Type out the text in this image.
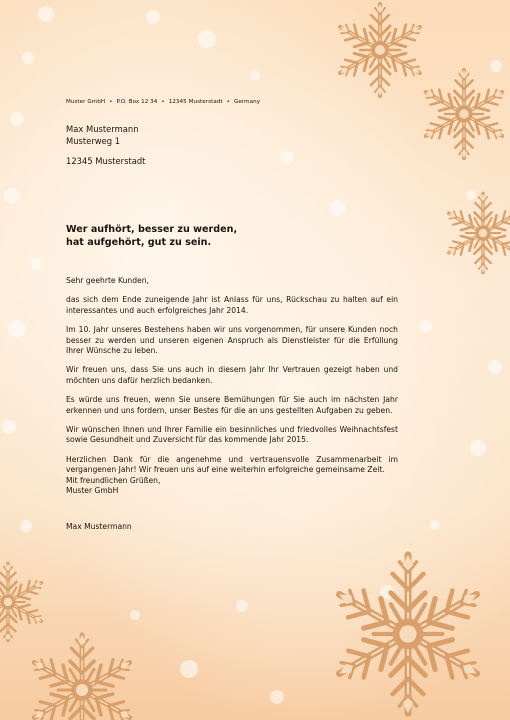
Muster GmbH • P.O. Box 12 34 • 12345 Musterstadt • Germany
Max Mustermann
Musterweg 1
12345 Musterstadt
Wer aufhört, besser zu werden,
hat aufgehört, gut zu sein.

Sehr geehrte Kunden,

das sich dem Ende zuneigende Jahr ist Anlass für uns, Rückschau zu halten auf ein interessantes und auch erfolgreiches Jahr 2014.

Im 10. Jahr unseres Bestehens haben wir uns vorgenommen, für unsere Kunden noch besser zu werden und unseren eigenen Anspruch als Dienstleister für die Erfüllung Ihrer Wünsche zu leben.

Wir freuen uns, dass Sie uns auch in diesem Jahr Ihr Vertrauen gezeigt haben und möchten uns dafür herzlich bedanken.

Es würde uns freuen, wenn Sie unsere Bemühungen für Sie auch im nächsten Jahr erkennen und uns fordern, unser Bestes für die an uns gestellten Aufgaben zu geben.

Wir wünschen Ihnen und Ihrer Familie ein besinnliches und friedvolles Weihnachtsfest sowie Gesundheit und Zuversicht für das kommende Jahr 2015.

Herzlichen Dank für die angenehme und vertrauensvolle Zusammenarbeit im vergangenen Jahr! Wir freuen uns auf eine weiterhin erfolgreiche gemeinsame Zeit.

Mit freundlichen Grüßen,
Muster GmbH
Max Mustermann
